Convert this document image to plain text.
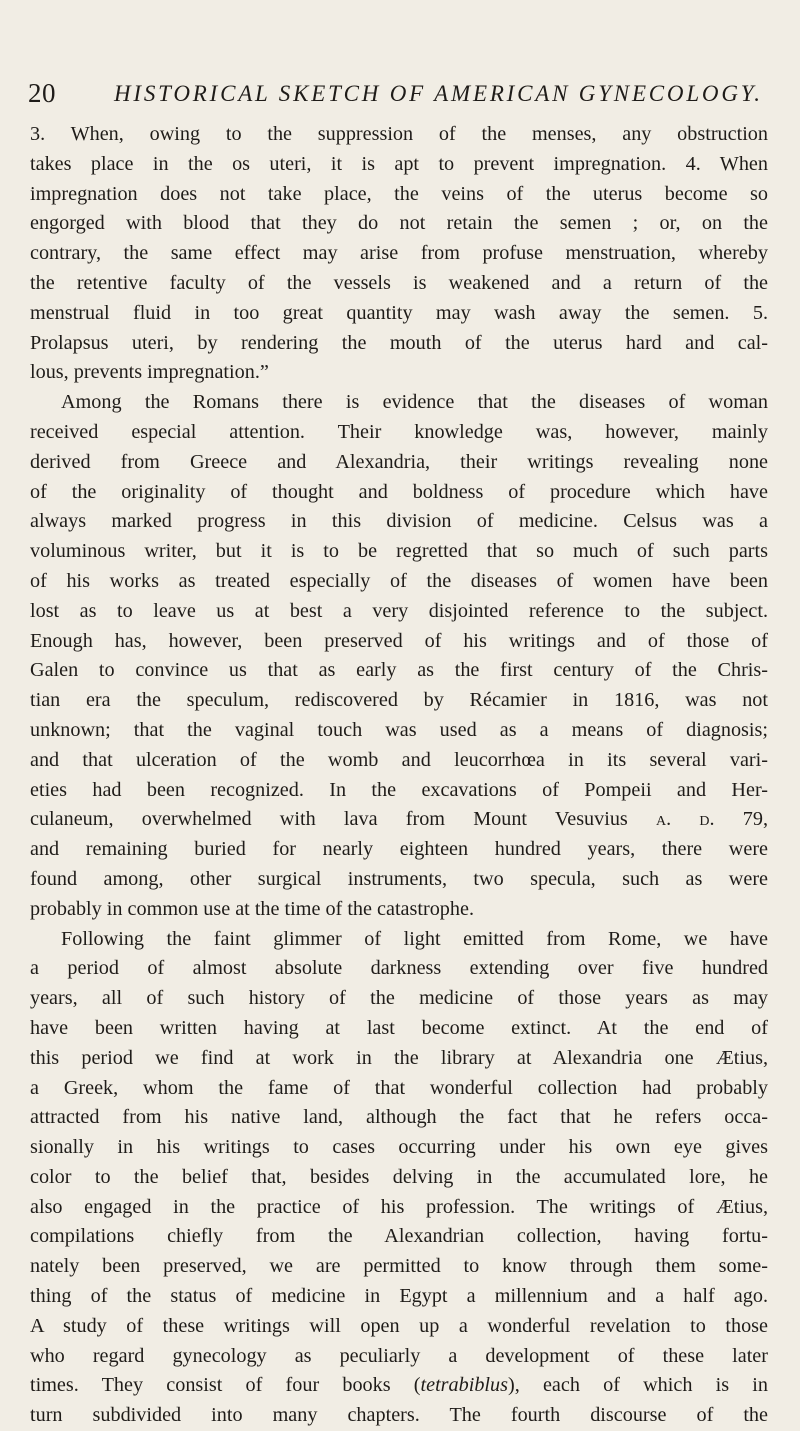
20	HISTORICAL SKETCH OF AMERICAN GYNECOLOGY.
3. When, owing to the suppression of the menses, any obstruction
takes place in the os uteri, it is apt to prevent impregnation. 4. When
impregnation does not take place, the veins of the uterus become so
engorged with blood that they do not retain the semen ; or, on the
contrary, the same effect may arise from profuse menstruation, whereby
the retentive faculty of the vessels is weakened and a return of the
menstrual fluid in too great quantity may wash away the semen. 5.
Prolapsus uteri, by rendering the mouth of the uterus hard and cal-
lous, prevents impregnation.”
Among the Romans there is evidence that the diseases of woman
received especial attention. Their knowledge was, however, mainly
derived from Greece and Alexandria, their writings revealing none
of the originality of thought and boldness of procedure which have
always marked progress in this division of medicine. Celsus was a
voluminous writer, but it is to be regretted that so much of such parts
of his works as treated especially of the diseases of women have been
lost as to leave us at best a very disjointed reference to the subject.
Enough has, however, been preserved of his writings and of those of
Galen to convince us that as early as the first century of the Chris-
tian era the speculum, rediscovered by Récamier in 1816, was not
unknown; that the vaginal touch was used as a means of diagnosis;
and that ulceration of the womb and leucorrhœa in its several vari-
eties had been recognized. In the excavations of Pompeii and Her-
culaneum, overwhelmed with lava from Mount Vesuvius a. d. 79,
and remaining buried for nearly eighteen hundred years, there were
found among, other surgical instruments, two specula, such as were
probably in common use at the time of the catastrophe.
Following the faint glimmer of light emitted from Rome, we have
a period of almost absolute darkness extending over five hundred
years, all of such history of the medicine of those years as may
have been written having at last become extinct. At the end of
this period we find at work in the library at Alexandria one Ætius,
a Greek, whom the fame of that wonderful collection had probably
attracted from his native land, although the fact that he refers occa-
sionally in his writings to cases occurring under his own eye gives
color to the belief that, besides delving in the accumulated lore, he
also engaged in the practice of his profession. The writings of Ætius,
compilations chiefly from the Alexandrian collection, having fortu-
nately been preserved, we are permitted to know through them some-
thing of the status of medicine in Egypt a millennium and a half ago.
A study of these writings will open up a wonderful revelation to those
who regard gynecology as peculiarly a development of these later
times. They consist of four books (tetrabiblus), each of which is in
turn subdivided into many chapters. The fourth discourse of the
